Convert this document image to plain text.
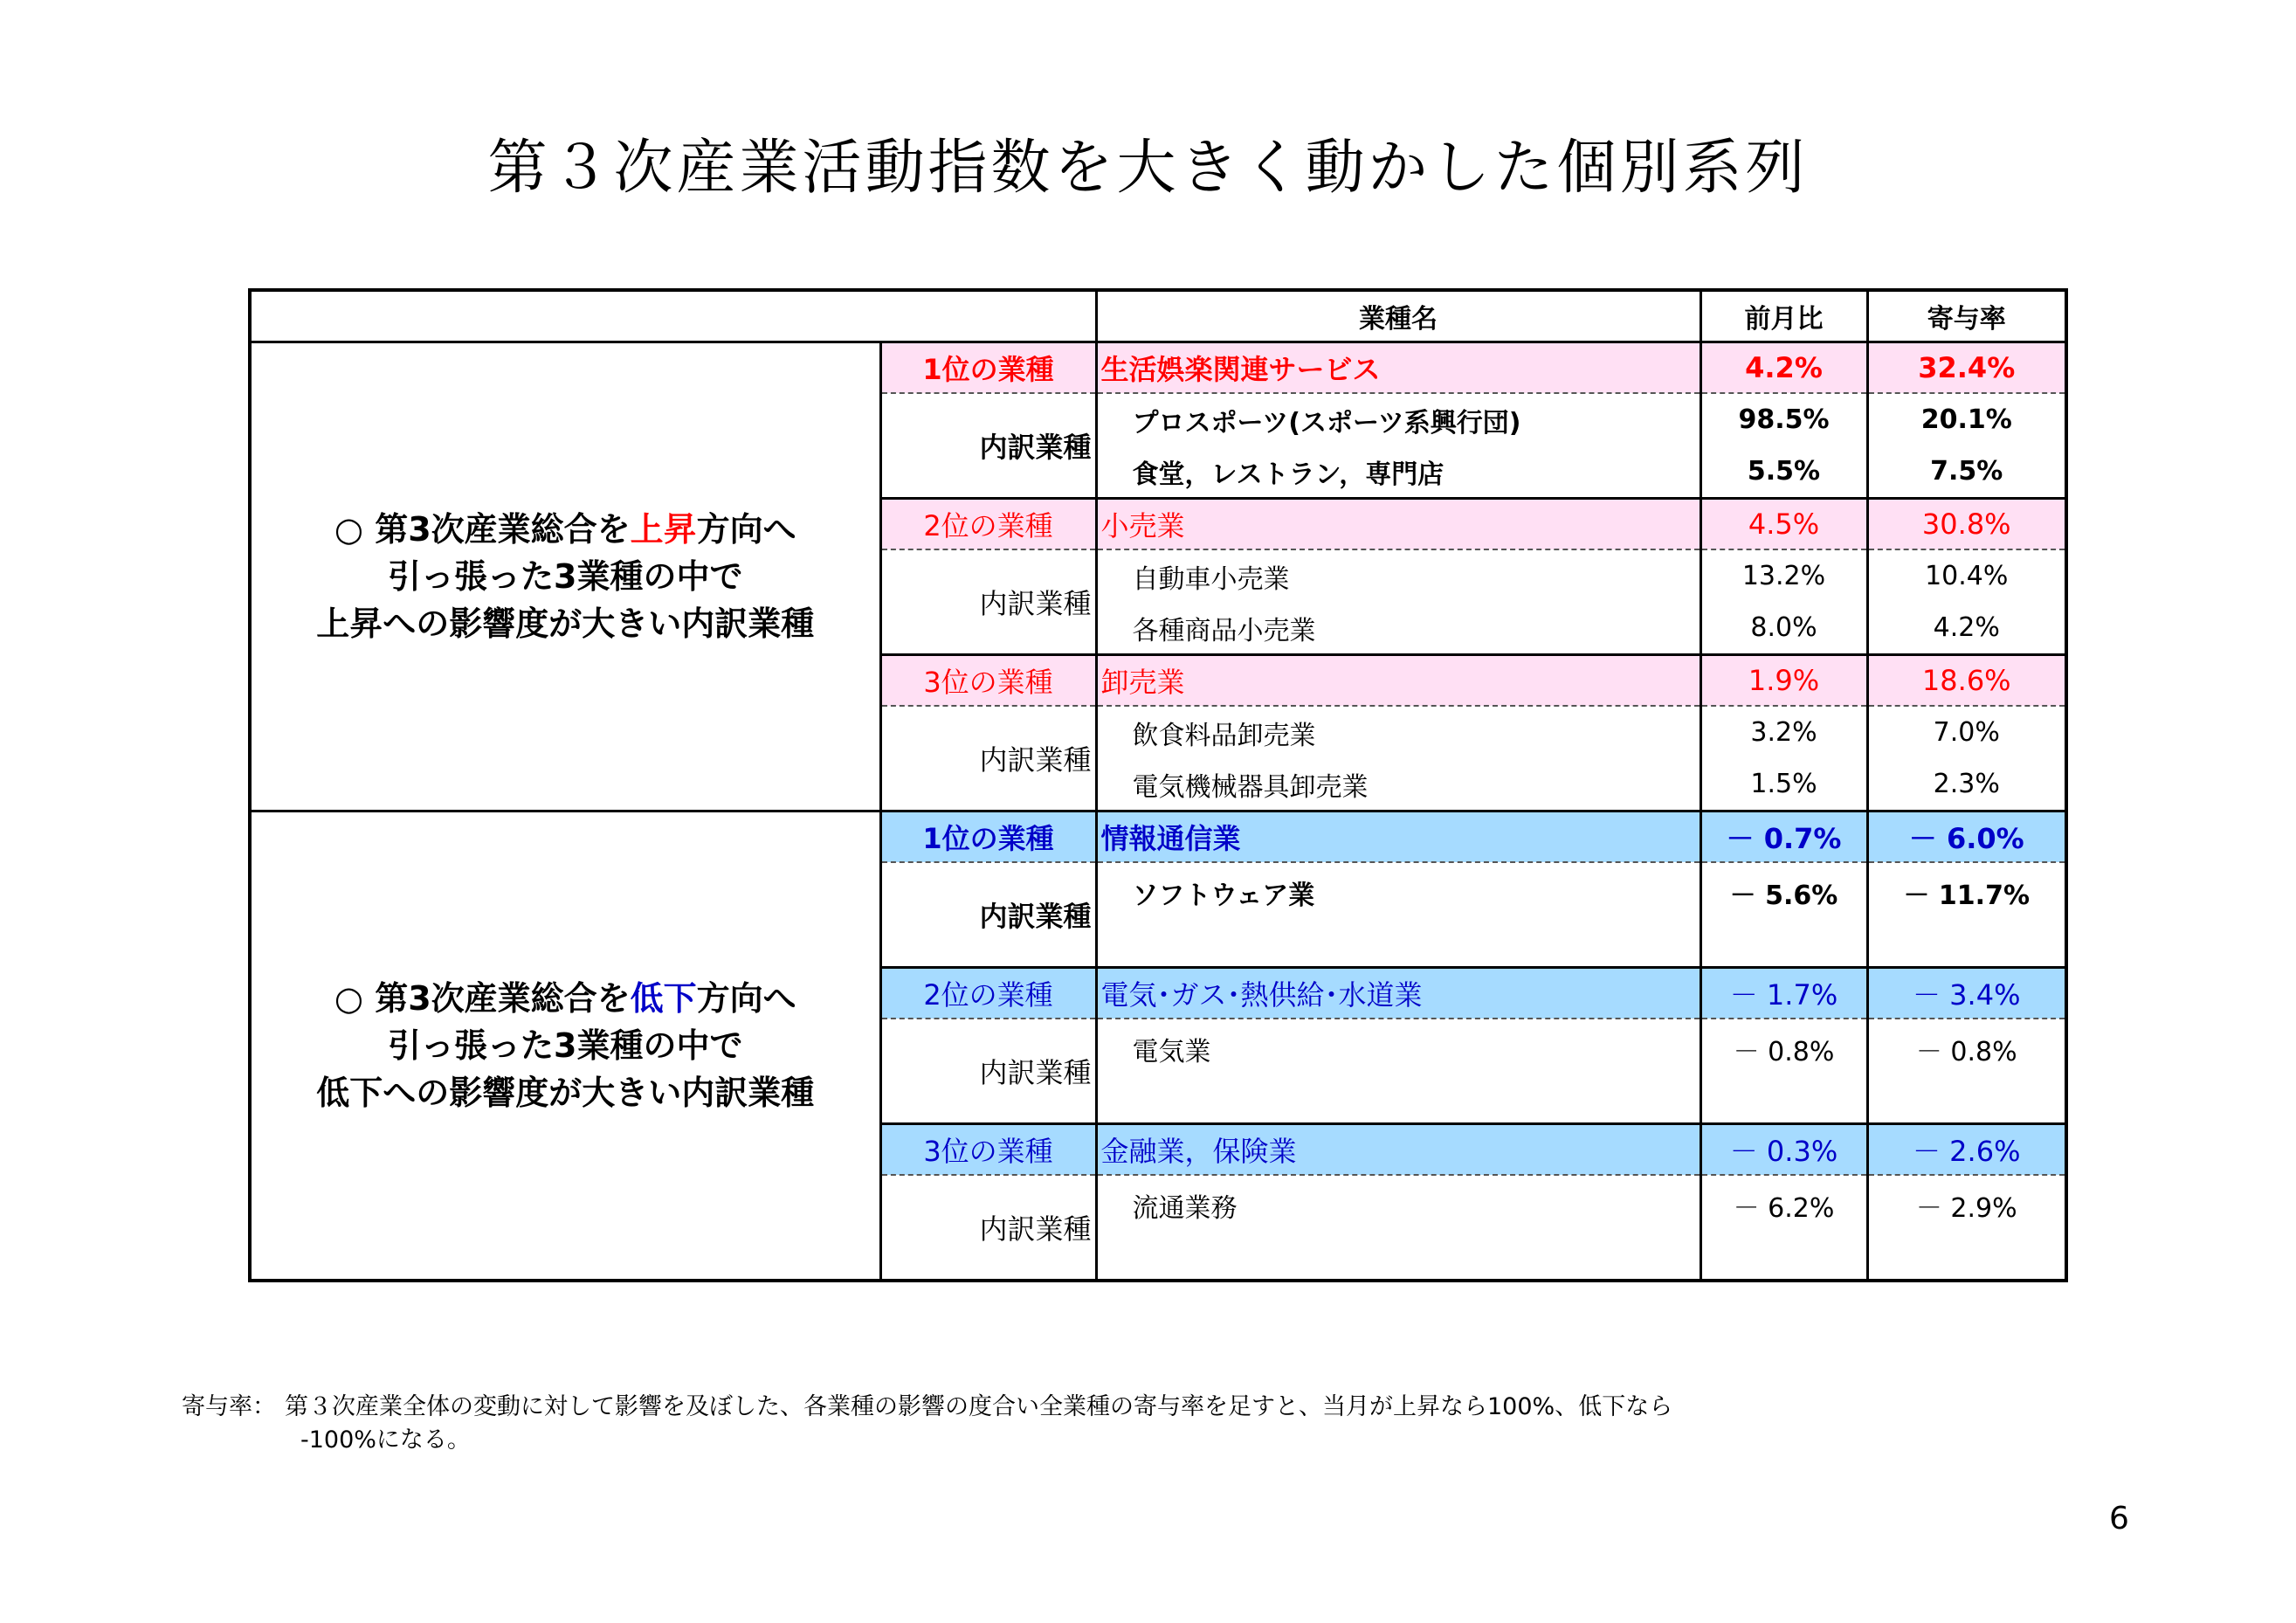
第３次産業活動指数を大きく動かした個別系列
		業種名	前月比	寄与率

○ 第3次産業総合を上昇方向へ
引っ張った3業種の中で
上昇への影響度が大きい内訳業種	1位の業種	生活娯楽関連サービス	4.2%	32.4%
	内訳業種	プロスポーツ(スポーツ系興行団)	98.5%	20.1%
		食堂，レストラン，専門店	5.5%	7.5%
	2位の業種	小売業	4.5%	30.8%
	内訳業種	自動車小売業	13.2%	10.4%
		各種商品小売業	8.0%	4.2%
	3位の業種	卸売業	1.9%	18.6%
	内訳業種	飲食料品卸売業	3.2%	7.0%
		電気機械器具卸売業	1.5%	2.3%

○ 第3次産業総合を低下方向へ
引っ張った3業種の中で
低下への影響度が大きい内訳業種	1位の業種	情報通信業	－ 0.7%	－ 6.0%
	内訳業種	ソフトウェア業	－ 5.6%	－ 11.7%
	2位の業種	電気･ガス･熱供給･水道業	－ 1.7%	－ 3.4%
	内訳業種	電気業	－ 0.8%	－ 0.8%
	3位の業種	金融業，保険業	－ 0.3%	－ 2.6%
	内訳業種	流通業務	－ 6.2%	－ 2.9%
寄与率： 第３次産業全体の変動に対して影響を及ぼした、各業種の影響の度合い全業種の寄与率を足すと、当月が上昇なら100%、低下なら
-100%になる。
6
